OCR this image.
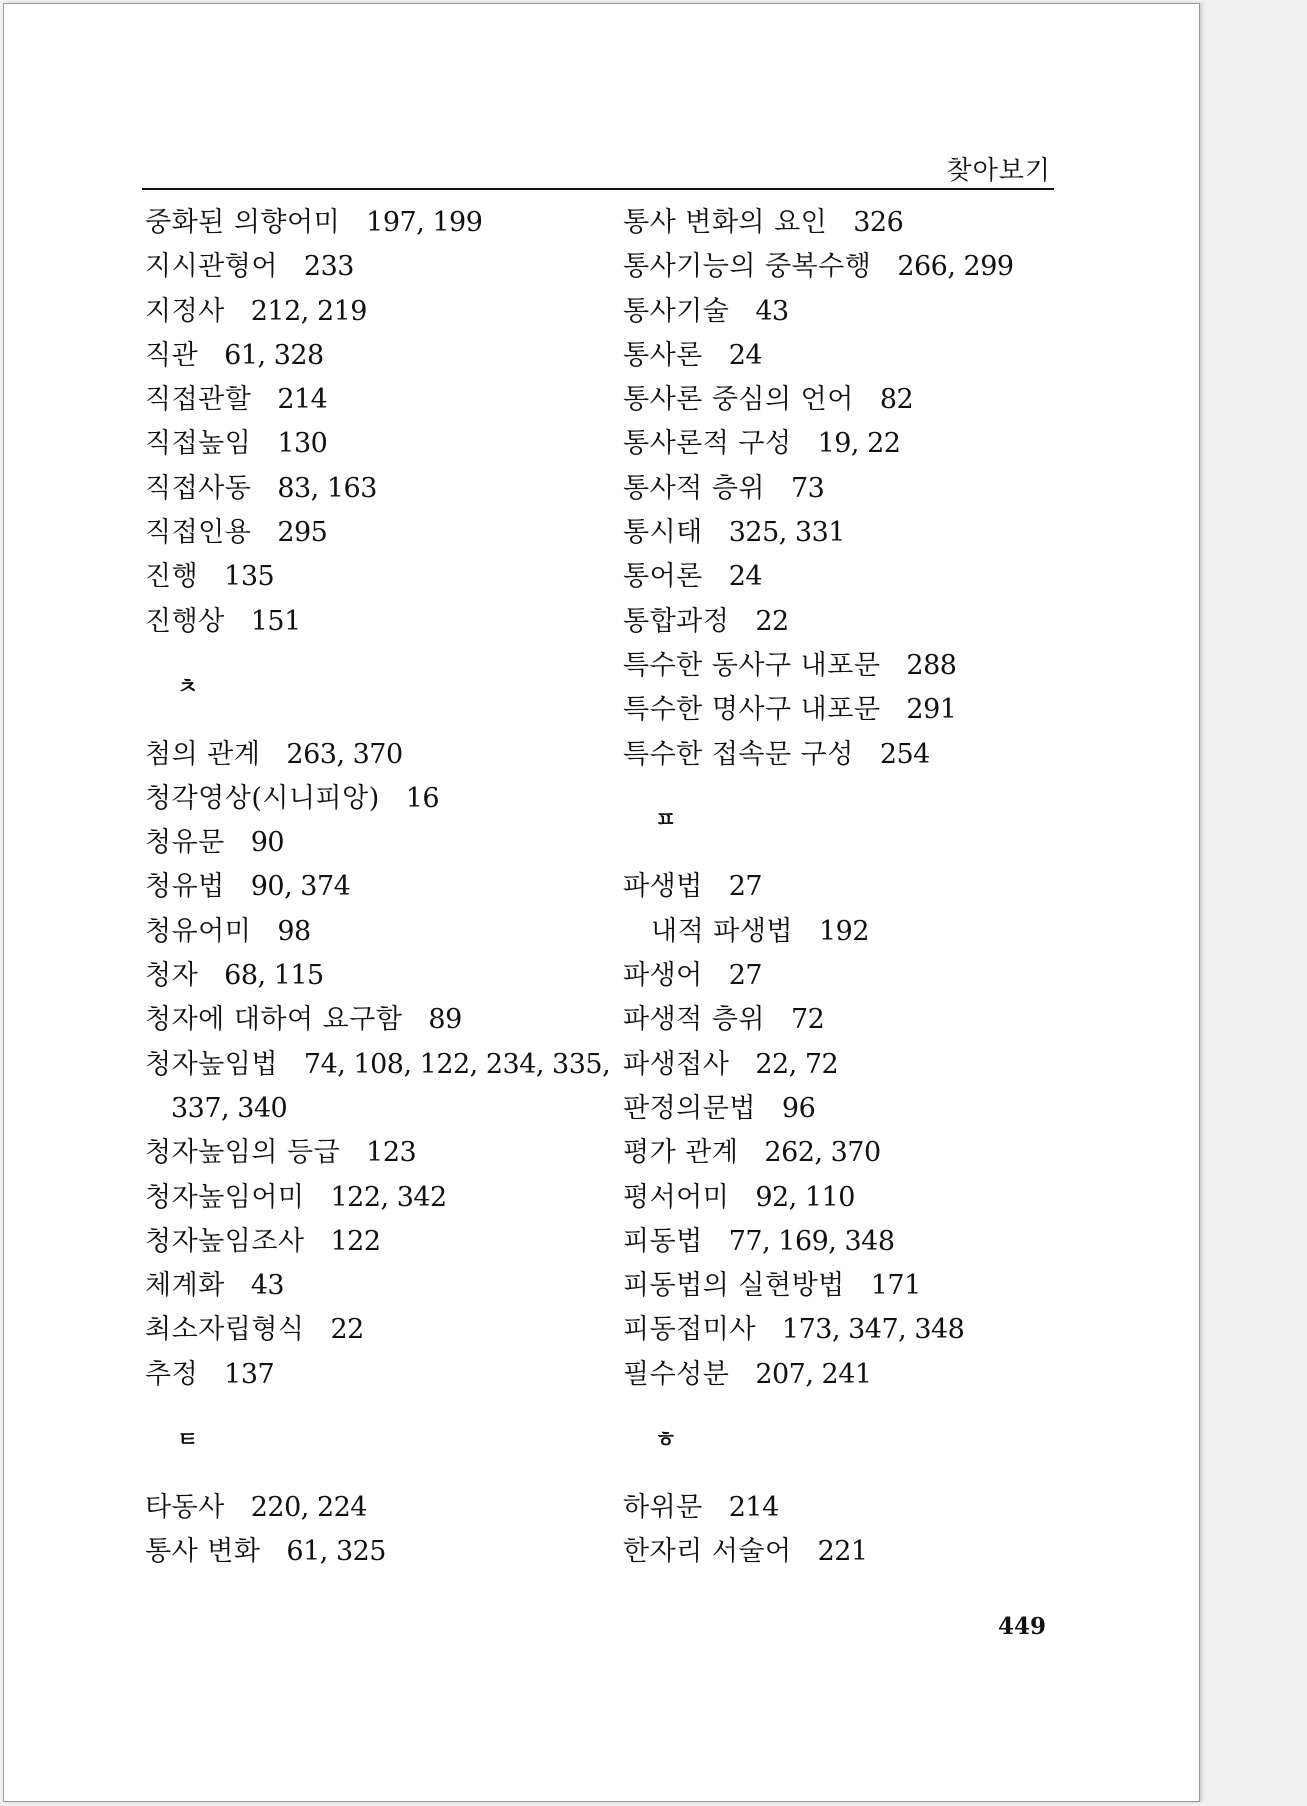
찾아보기
중화된 의향어미 197, 199
지시관형어 233
지정사 212, 219
직관 61, 328
직접관할 214
직접높임 130
직접사동 83, 163
직접인용 295
진행 135
진행상 151
ㅊ
첨의 관계 263, 370
청각영상(시니피앙) 16
청유문 90
청유법 90, 374
청유어미 98
청자 68, 115
청자에 대하여 요구함 89
청자높임법 74, 108, 122, 234, 335,
337, 340
청자높임의 등급 123
청자높임어미 122, 342
청자높임조사 122
체계화 43
최소자립형식 22
추정 137
ㅌ
타동사 220, 224
통사 변화 61, 325
통사 변화의 요인 326
통사기능의 중복수행 266, 299
통사기술 43
통사론 24
통사론 중심의 언어 82
통사론적 구성 19, 22
통사적 층위 73
통시태 325, 331
통어론 24
통합과정 22
특수한 동사구 내포문 288
특수한 명사구 내포문 291
특수한 접속문 구성 254
ㅍ
파생법 27
내적 파생법 192
파생어 27
파생적 층위 72
파생접사 22, 72
판정의문법 96
평가 관계 262, 370
평서어미 92, 110
피동법 77, 169, 348
피동법의 실현방법 171
피동접미사 173, 347, 348
필수성분 207, 241
ㅎ
하위문 214
한자리 서술어 221
449
